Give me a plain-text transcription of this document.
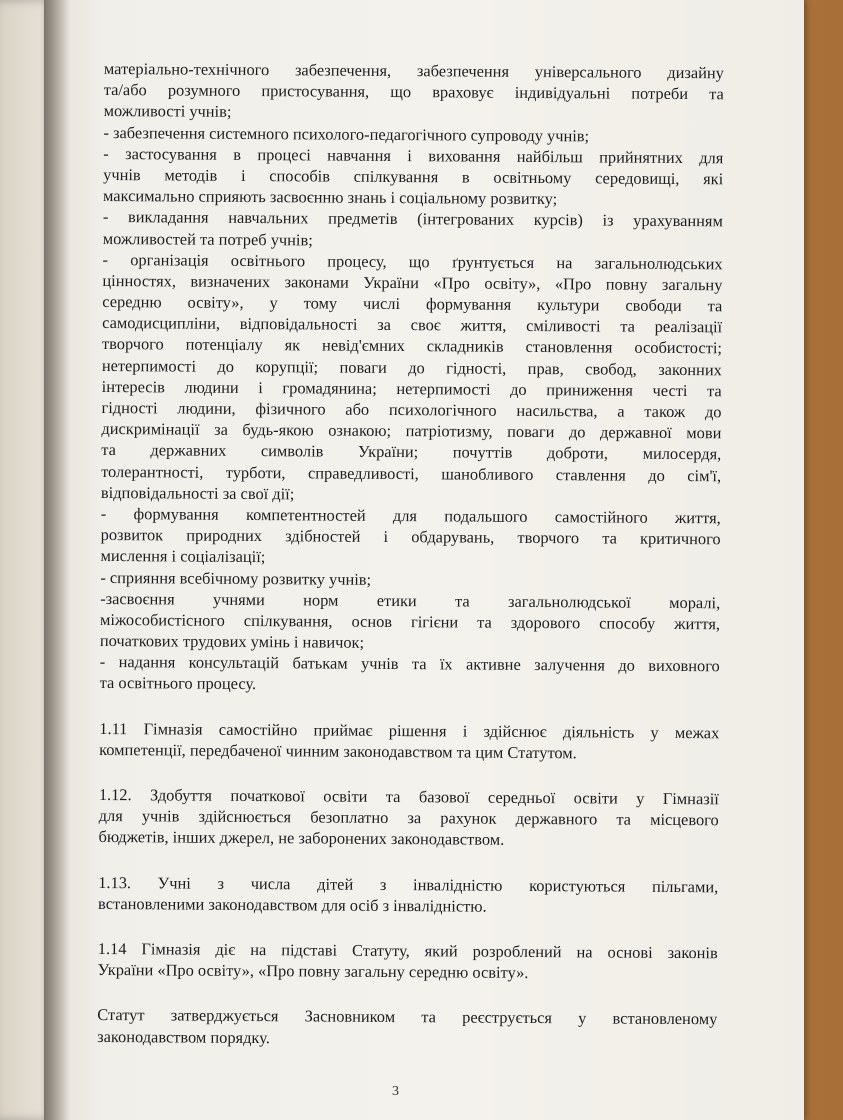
матеріально-технічного забезпечення, забезпечення універсального дизайну
та/або розумного пристосування, що враховує індивідуальні потреби та
можливості учнів;
- забезпечення системного психолого-педагогічного супроводу учнів;
- застосування в процесі навчання і виховання найбільш прийнятних для
учнів методів і способів спілкування в освітньому середовищі, які
максимально сприяють засвоєнню знань і соціальному розвитку;
- викладання навчальних предметів (інтегрованих курсів) із урахуванням
можливостей та потреб учнів;
- організація освітнього процесу, що ґрунтується на загальнолюдських
цінностях, визначених законами України «Про освіту», «Про повну загальну
середню освіту», у тому числі формування культури свободи та
самодисципліни, відповідальності за своє життя, сміливості та реалізації
творчого потенціалу як невід'ємних складників становлення особистості;
нетерпимості до корупції; поваги до гідності, прав, свобод, законних
інтересів людини і громадянина; нетерпимості до приниження честі та
гідності людини, фізичного або психологічного насильства, а також до
дискримінації за будь-якою ознакою; патріотизму, поваги до державної мови
та державних символів України; почуттів доброти, милосердя,
толерантності, турботи, справедливості, шанобливого ставлення до сім'ї,
відповідальності за свої дії;
- формування компетентностей для подальшого самостійного життя,
розвиток природних здібностей і обдарувань, творчого та критичного
мислення і соціалізації;
- сприяння всебічному розвитку учнів;
-засвоєння учнями норм етики та загальнолюдської моралі,
міжособистісного спілкування, основ гігієни та здорового способу життя,
початкових трудових умінь і навичок;
- надання консультацій батькам учнів та їх активне залучення до виховного
та освітнього процесу.
1.11 Гімназія самостійно приймає рішення і здійснює діяльність у межах
компетенції, передбаченої чинним законодавством та цим Статутом.
1.12. Здобуття початкової освіти та базової середньої освіти у Гімназії
для учнів здійснюється безоплатно за рахунок державного та місцевого
бюджетів, інших джерел, не заборонених законодавством.
1.13. Учні з числа дітей з інвалідністю користуються пільгами,
встановленими законодавством для осіб з інвалідністю.
1.14 Гімназія діє на підставі Статуту, який розроблений на основі законів
України «Про освіту», «Про повну загальну середню освіту».
Статут затверджується Засновником та реєструється у встановленому
законодавством порядку.
3
